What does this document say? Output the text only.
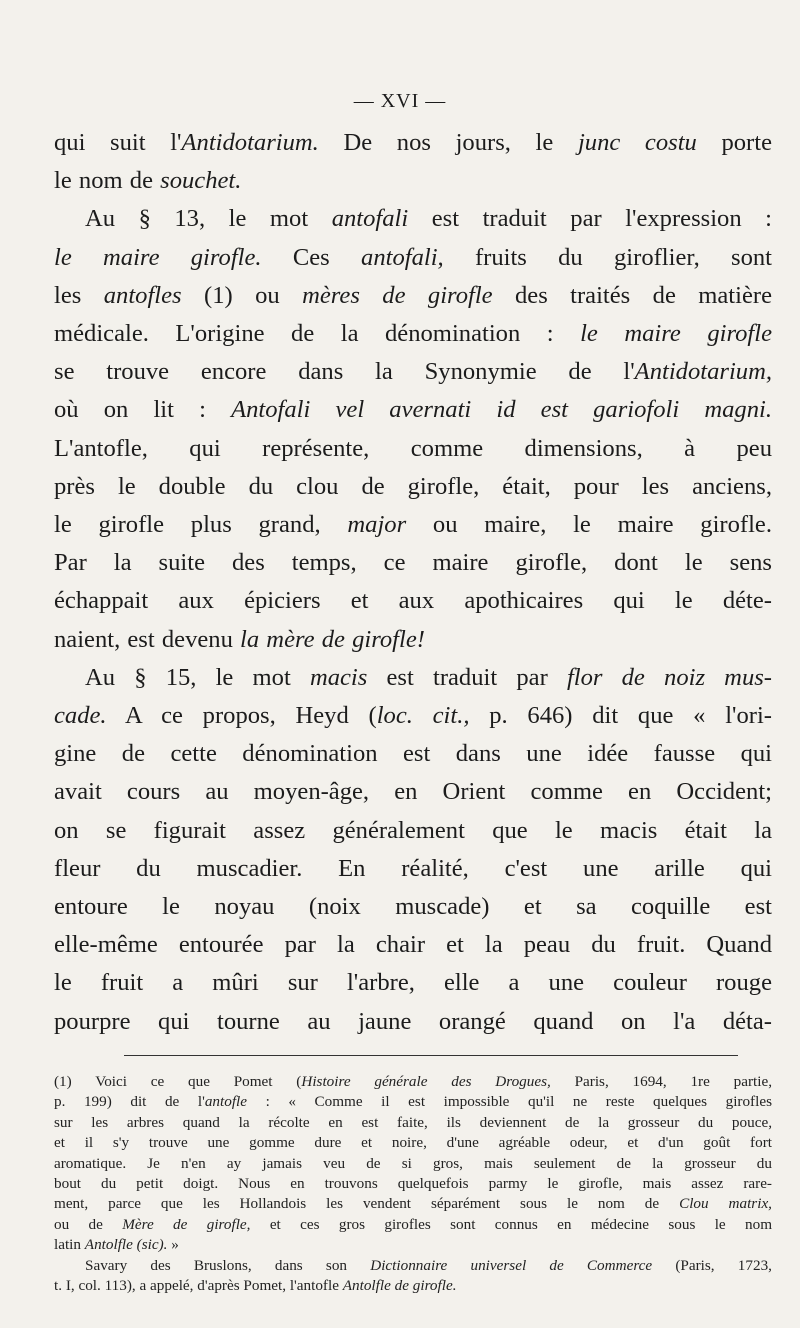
— XVI —
qui suit l'Antidotarium. De nos jours, le junc costu porte
le nom de souchet.
Au § 13, le mot antofali est traduit par l'expression :
le maire girofle. Ces antofali, fruits du giroflier, sont
les antofles (1) ou mères de girofle des traités de matière
médicale. L'origine de la dénomination : le maire girofle
se trouve encore dans la Synonymie de l'Antidotarium,
où on lit : Antofali vel avernati id est gariofoli magni.
L'antofle, qui représente, comme dimensions, à peu
près le double du clou de girofle, était, pour les anciens,
le girofle plus grand, major ou maire, le maire girofle.
Par la suite des temps, ce maire girofle, dont le sens
échappait aux épiciers et aux apothicaires qui le déte-
naient, est devenu la mère de girofle!
Au § 15, le mot macis est traduit par flor de noiz mus-
cade. A ce propos, Heyd (loc. cit., p. 646) dit que « l'ori-
gine de cette dénomination est dans une idée fausse qui
avait cours au moyen-âge, en Orient comme en Occident;
on se figurait assez généralement que le macis était la
fleur du muscadier. En réalité, c'est une arille qui
entoure le noyau (noix muscade) et sa coquille est
elle-même entourée par la chair et la peau du fruit. Quand
le fruit a mûri sur l'arbre, elle a une couleur rouge
pourpre qui tourne au jaune orangé quand on l'a déta-
(1) Voici ce que Pomet (Histoire générale des Drogues, Paris, 1694, 1re partie,
p. 199) dit de l'antofle : « Comme il est impossible qu'il ne reste quelques girofles
sur les arbres quand la récolte en est faite, ils deviennent de la grosseur du pouce,
et il s'y trouve une gomme dure et noire, d'une agréable odeur, et d'un goût fort
aromatique. Je n'en ay jamais veu de si gros, mais seulement de la grosseur du
bout du petit doigt. Nous en trouvons quelquefois parmy le girofle, mais assez rare-
ment, parce que les Hollandois les vendent séparément sous le nom de Clou matrix,
ou de Mère de girofle, et ces gros girofles sont connus en médecine sous le nom
latin Antolfle (sic). »
Savary des Bruslons, dans son Dictionnaire universel de Commerce (Paris, 1723,
t. I, col. 113), a appelé, d'après Pomet, l'antofle Antolfle de girofle.
